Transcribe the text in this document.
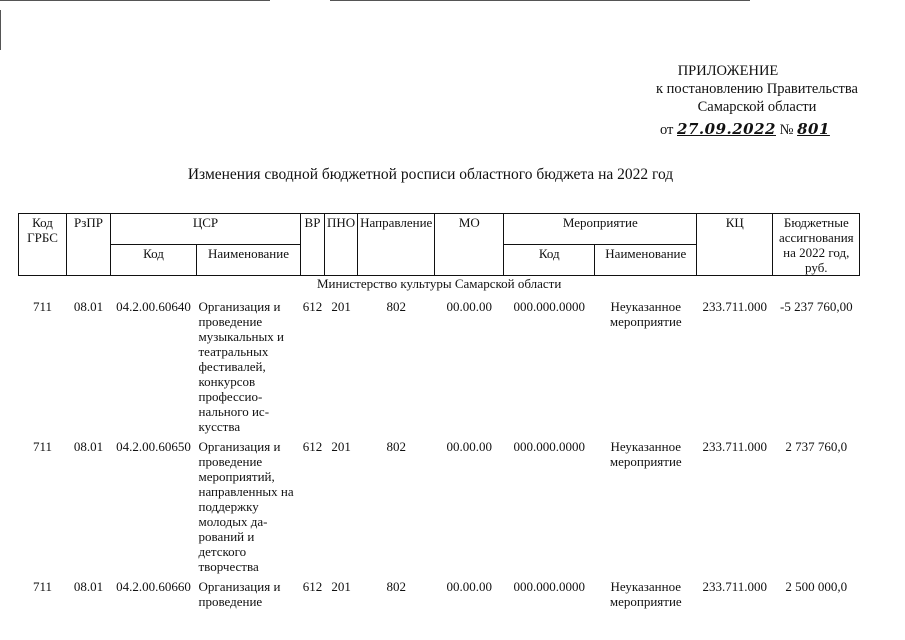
ПРИЛОЖЕНИЕ
к постановлению Правительства
Самарской области
от 27.09.2022 № 801
Изменения сводной бюджетной росписи областного бюджета на 2022 год
Код ГРБС	РзПР	ЦСР		ВР	ПНО	Направление	МО	Мероприятие		КЦ	Бюджетные ассигнования на 2022 год, руб.
		Код	Наименование					Код	Наименование		
Министерство культуры Самарской области											
711	08.01	04.2.00.60640	Организация и проведение музыкальных и театральных фестивалей, конкурсов профессио-нального ис-кусства	612	201	802	00.00.00	000.000.0000	Неуказанное мероприятие	233.711.000	-5 237 760,00
711	08.01	04.2.00.60650	Организация и проведение мероприятий, направленных на поддержку молодых да-рований и детского творчества	612	201	802	00.00.00	000.000.0000	Неуказанное мероприятие	233.711.000	2 737 760,0
711	08.01	04.2.00.60660	Организация и проведение	612	201	802	00.00.00	000.000.0000	Неуказанное мероприятие	233.711.000	2 500 000,0
